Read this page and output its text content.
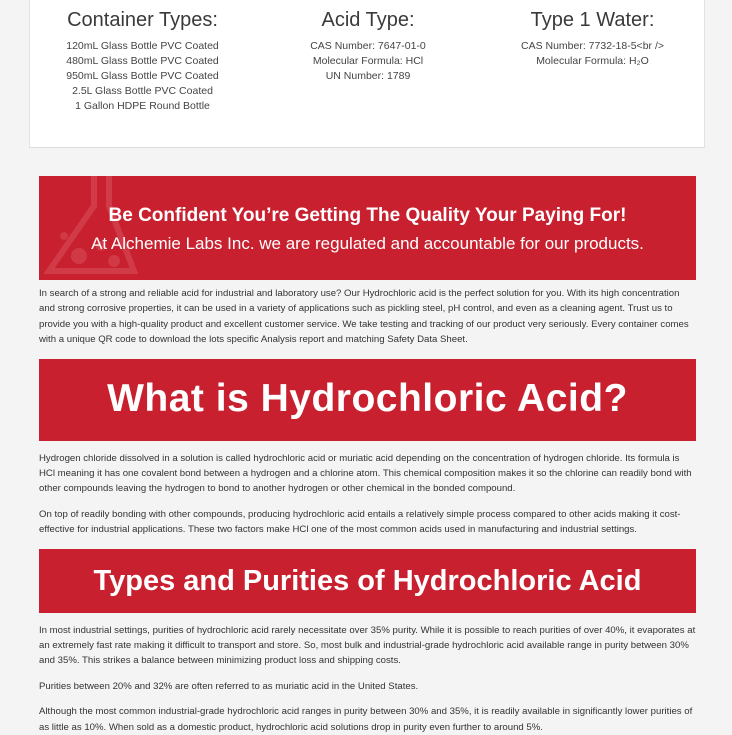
Container Types:
120mL Glass Bottle PVC Coated
480mL Glass Bottle PVC Coated
950mL Glass Bottle PVC Coated
2.5L Glass Bottle PVC Coated
1 Gallon HDPE Round Bottle
Acid Type:
CAS Number: 7647-01-0
Molecular Formula: HCl
UN Number: 1789
Type 1 Water:
CAS Number: 7732-18-5<br />
Molecular Formula: H₂O
Be Confident You’re Getting The Quality Your Paying For!
At Alchemie Labs Inc. we are regulated and accountable for our products.

In search of a strong and reliable acid for industrial and laboratory use? Our Hydrochloric acid is the perfect solution for you. With its high concentration and strong corrosive properties, it can be used in a variety of applications such as pickling steel, pH control, and even as a cleaning agent. Trust us to provide you with a high-quality product and excellent customer service. We take testing and tracking of our product very seriously. Every container comes with a unique QR code to download the lots specific Analysis report and matching Safety Data Sheet.

What is Hydrochloric Acid?

Hydrogen chloride dissolved in a solution is called hydrochloric acid or muriatic acid depending on the concentration of hydrogen chloride. Its formula is HCl meaning it has one covalent bond between a hydrogen and a chlorine atom. This chemical composition makes it so the chlorine can readily bond with other compounds leaving the hydrogen to bond to another hydrogen or other chemical in the bonded compound.

On top of readily bonding with other compounds, producing hydrochloric acid entails a relatively simple process compared to other acids making it cost-effective for industrial applications. These two factors make HCl one of the most common acids used in manufacturing and industrial settings.

Types and Purities of Hydrochloric Acid

In most industrial settings, purities of hydrochloric acid rarely necessitate over 35% purity. While it is possible to reach purities of over 40%, it evaporates at an extremely fast rate making it difficult to transport and store. So, most bulk and industrial-grade hydrochloric acid available range in purity between 30% and 35%. This strikes a balance between minimizing product loss and shipping costs.

Purities between 20% and 32% are often referred to as muriatic acid in the United States.

Although the most common industrial-grade hydrochloric acid ranges in purity between 30% and 35%, it is readily available in significantly lower purities of as little as 10%. When sold as a domestic product, hydrochloric acid solutions drop in purity even further to around 5%.
